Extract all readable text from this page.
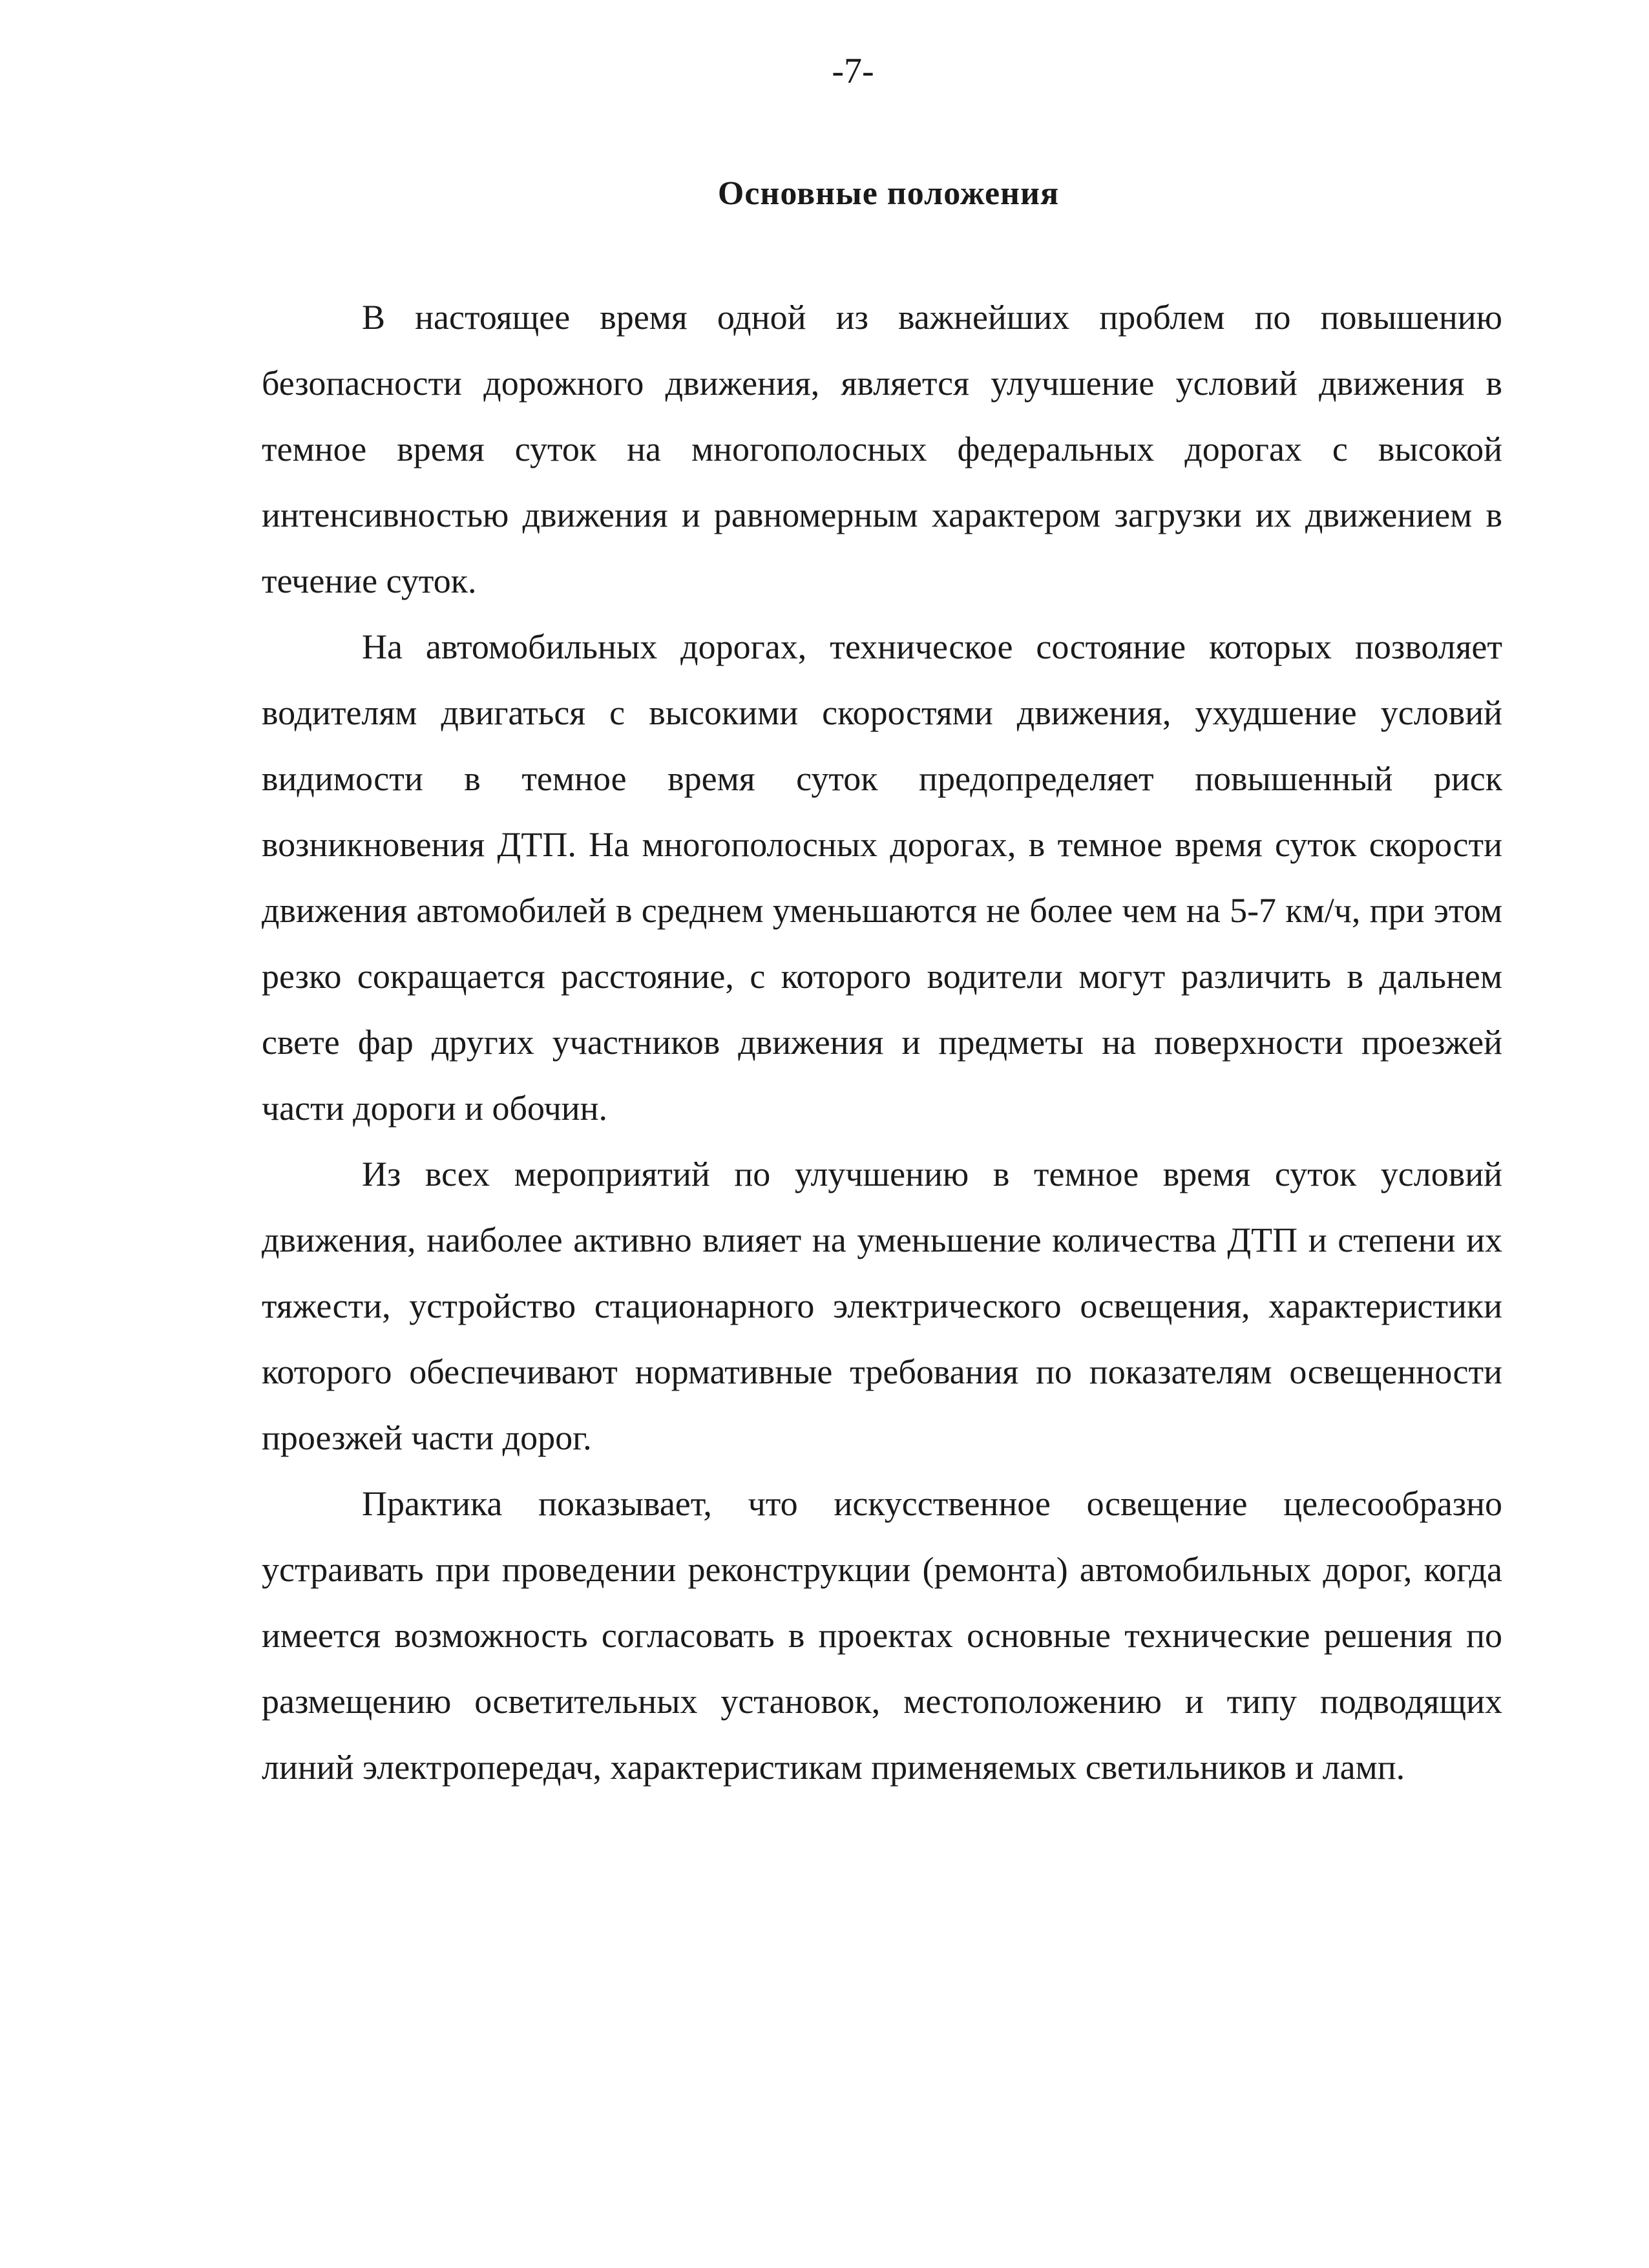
-7-
Основные положения

В настоящее время одной из важнейших проблем по повышению безопасности дорожного движения, является улучшение условий движения в темное время суток на многополосных федеральных дорогах с высокой интенсивностью движения и равномерным характером загрузки их движением в течение суток.

На автомобильных дорогах, техническое состояние которых позволяет водителям двигаться с высокими скоростями движения, ухудшение условий видимости в темное время суток предопределяет повышенный риск возникновения ДТП. На многополосных дорогах, в темное время суток скорости движения автомобилей в среднем уменьшаются не более чем на 5-7 км/ч, при этом резко сокращается расстояние, с которого водители могут различить в дальнем свете фар других участников движения и предметы на поверхности проезжей части дороги и обочин.

Из всех мероприятий по улучшению в темное время суток условий движения, наиболее активно влияет на уменьшение количества ДТП и степени их тяжести, устройство стационарного электрического освещения, характеристики которого обеспечивают нормативные требования по показателям освещенности проезжей части дорог.

Практика показывает, что искусственное освещение целесообразно устраивать при проведении реконструкции (ремонта) автомобильных дорог, когда имеется возможность согласовать в проектах основные технические решения по размещению осветительных установок, местоположению и типу подводящих линий электропередач, характеристикам применяемых светильников и ламп.
